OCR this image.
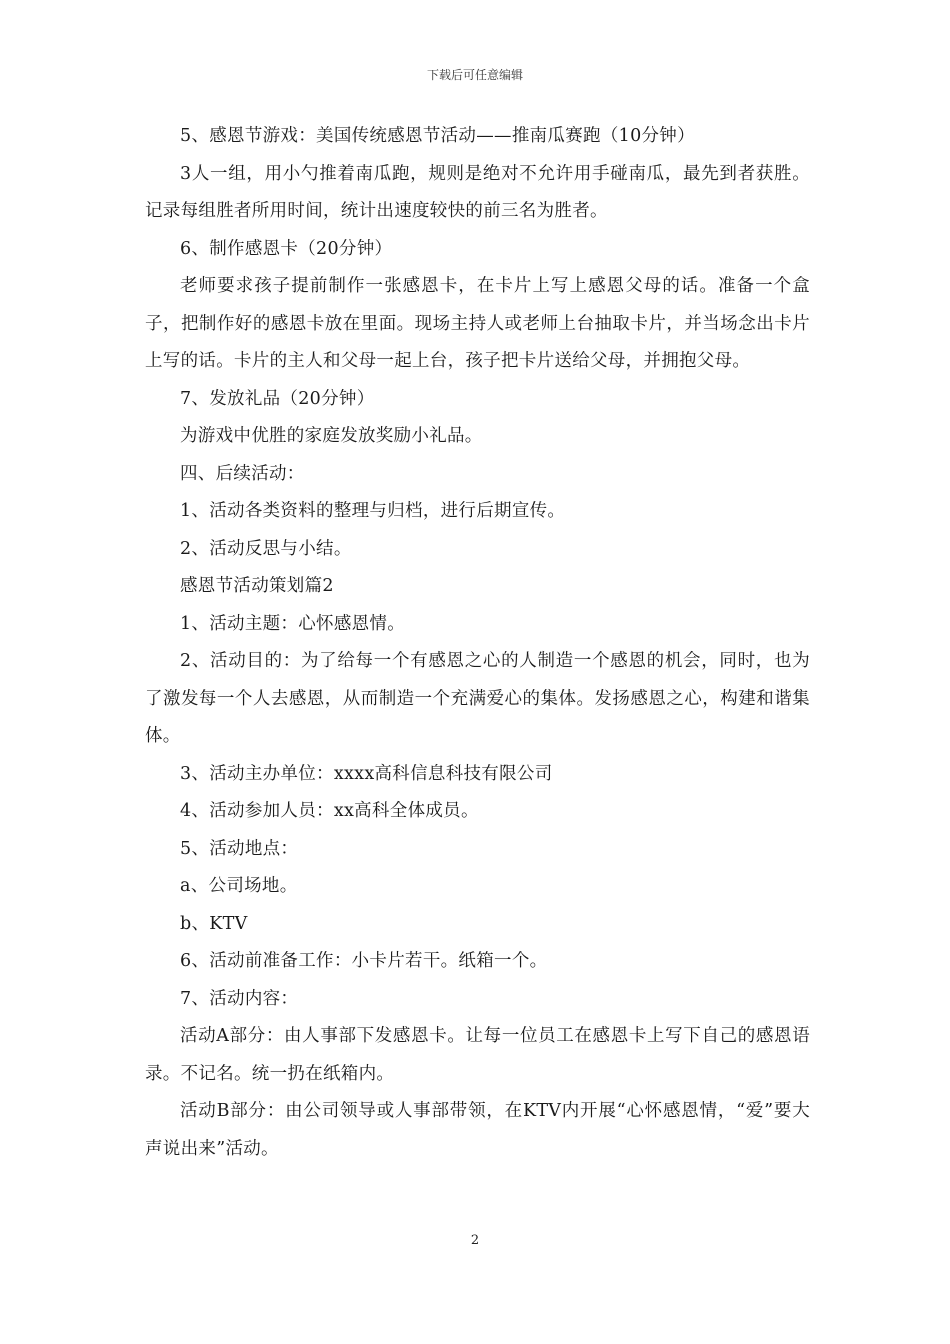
下载后可任意编辑

5、感恩节游戏：美国传统感恩节活动——推南瓜赛跑（10分钟）

3人一组，用小勺推着南瓜跑，规则是绝对不允许用手碰南瓜，最先到者获胜。记录每组胜者所用时间，统计出速度较快的前三名为胜者。

6、制作感恩卡（20分钟）

老师要求孩子提前制作一张感恩卡，在卡片上写上感恩父母的话。准备一个盒子，把制作好的感恩卡放在里面。现场主持人或老师上台抽取卡片，并当场念出卡片上写的话。卡片的主人和父母一起上台，孩子把卡片送给父母，并拥抱父母。

7、发放礼品（20分钟）

为游戏中优胜的家庭发放奖励小礼品。

四、后续活动：

1、活动各类资料的整理与归档，进行后期宣传。

2、活动反思与小结。

感恩节活动策划篇2

1、活动主题：心怀感恩情。

2、活动目的：为了给每一个有感恩之心的人制造一个感恩的机会，同时，也为了激发每一个人去感恩，从而制造一个充满爱心的集体。发扬感恩之心，构建和谐集体。

3、活动主办单位：xxxx高科信息科技有限公司

4、活动参加人员：xx高科全体成员。

5、活动地点：

a、公司场地。

b、KTV

6、活动前准备工作：小卡片若干。纸箱一个。

7、活动内容：

活动A部分：由人事部下发感恩卡。让每一位员工在感恩卡上写下自己的感恩语录。不记名。统一扔在纸箱内。

活动B部分：由公司领导或人事部带领，在KTV内开展“心怀感恩情，“爱”要大声说出来”活动。

2
